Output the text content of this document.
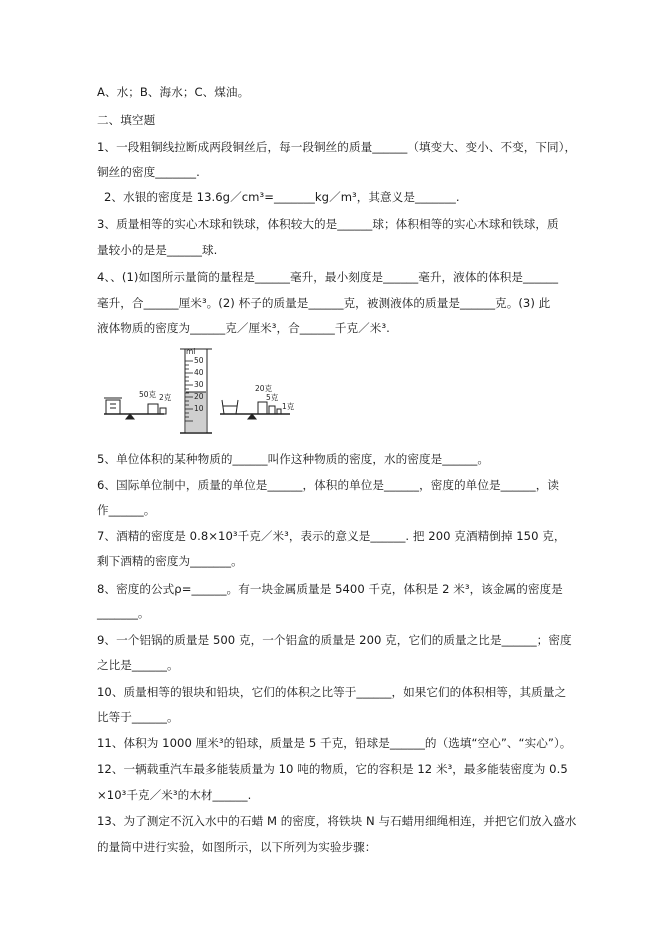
A、水；B、海水；C、煤油。
二、填空题
1、一段粗铜线拉断成两段铜丝后，每一段铜丝的质量______（填变大、变小、不变，下同），
铜丝的密度_______.
2、水银的密度是 13.6g／cm³=_______kg／m³，其意义是_______.
3、质量相等的实心木球和铁球，体积较大的是______球；体积相等的实心木球和铁球，质
量较小的是是______球.
4、、(1)如图所示量筒的量程是______毫升，最小刻度是______毫升，液体的体积是______
毫升，合______厘米³。(2) 杯子的质量是______克，被测液体的质量是______克。(3) 此
液体物质的密度为______克／厘米³，合______千克／米³.
5、单位体积的某种物质的______叫作这种物质的密度，水的密度是______。
6、国际单位制中，质量的单位是______，体积的单位是______，密度的单位是______，读
作______。
7、酒精的密度是 0.8×10³千克／米³，表示的意义是______. 把 200 克酒精倒掉 150 克，
剩下酒精的密度为_______。
8、密度的公式ρ=______。有一块金属质量是 5400 千克，体积是 2 米³，该金属的密度是
_______。
9、一个铝锅的质量是 500 克，一个铝盒的质量是 200 克，它们的质量之比是______；密度
之比是______。
10、质量相等的银块和铅块，它们的体积之比等于______，如果它们的体积相等，其质量之
比等于______。
11、体积为 1000 厘米³的铅球，质量是 5 千克，铅球是______的（选填“空心”、“实心”）。
12、一辆载重汽车最多能装质量为 10 吨的物质，它的容积是 12 米³，最多能装密度为 0.5
×10³千克／米³的木材______.
13、为了测定不沉入水中的石蜡 M 的密度，将铁块 N 与石蜡用细绳相连，并把它们放入盛水
的量筒中进行实验，如图所示，以下所列为实验步骤：
ml
50
40
30
20
10
50克 2克
20克
5克
1克
